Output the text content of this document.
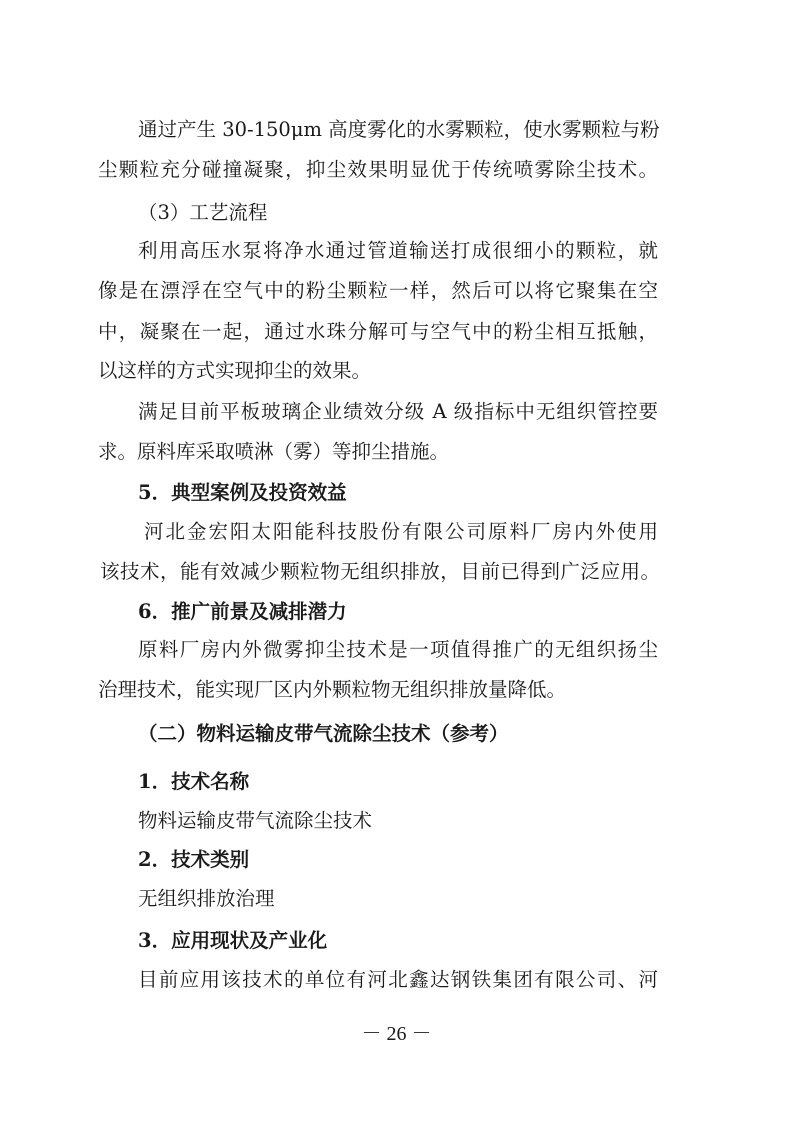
通过产生 30-150μm 高度雾化的水雾颗粒，使水雾颗粒与粉
尘颗粒充分碰撞凝聚，抑尘效果明显优于传统喷雾除尘技术。
（3）工艺流程
利用高压水泵将净水通过管道输送打成很细小的颗粒，就
像是在漂浮在空气中的粉尘颗粒一样，然后可以将它聚集在空
中，凝聚在一起，通过水珠分解可与空气中的粉尘相互抵触，
以这样的方式实现抑尘的效果。
满足目前平板玻璃企业绩效分级 A 级指标中无组织管控要
求。原料库采取喷淋（雾）等抑尘措施。
5．典型案例及投资效益
河北金宏阳太阳能科技股份有限公司原料厂房内外使用
该技术，能有效减少颗粒物无组织排放，目前已得到广泛应用。
6．推广前景及减排潜力
原料厂房内外微雾抑尘技术是一项值得推广的无组织扬尘
治理技术，能实现厂区内外颗粒物无组织排放量降低。
（二）物料运输皮带气流除尘技术（参考）
1．技术名称
物料运输皮带气流除尘技术
2．技术类别
无组织排放治理
3．应用现状及产业化
目前应用该技术的单位有河北鑫达钢铁集团有限公司、河
－ 26 －
